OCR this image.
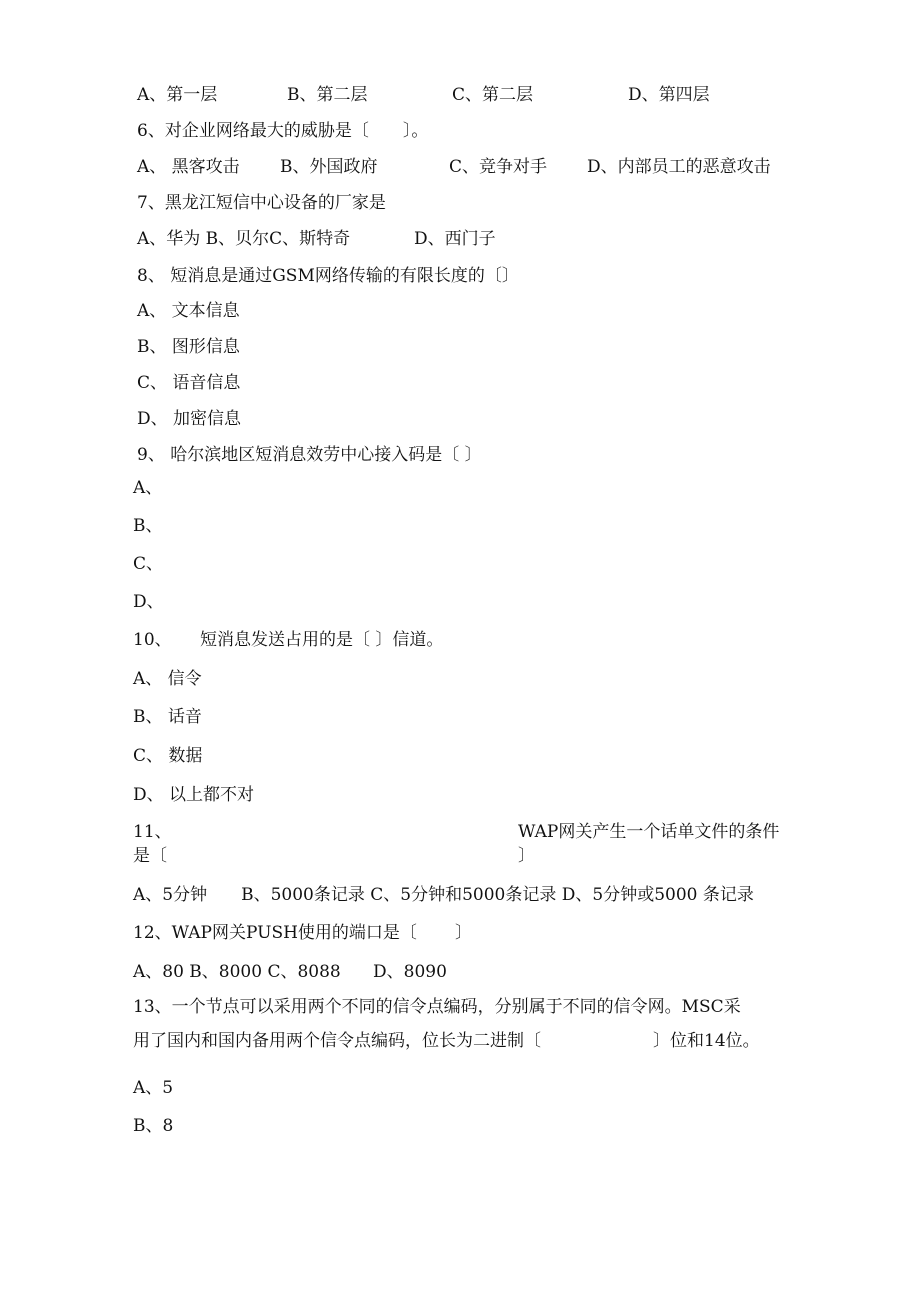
A、第一层	B、第二层	C、第二层	D、第四层
6、对企业网络最大的威胁是〔　　〕。
A、 黑客攻击 B、外国政府	C、竞争对手 D、内部员工的恶意攻击
7、黑龙江短信中心设备的厂家是
A、华为 B、贝尔C、斯特奇	D、西门子
8、 短消息是通过GSM网络传输的有限长度的〔〕
A、 文本信息
B、 图形信息
C、 语音信息
D、 加密信息
9、 哈尔滨地区短消息效劳中心接入码是〔 〕
A、
B、
C、
D、
10、 短消息发送占用的是〔 〕信道。
A、 信令
B、 话音
C、 数据
D、 以上都不对
11、	WAP网关产生一个话单文件的条件
是〔	〕
A、5分钟　　B、5000条记录 C、5分钟和5000条记录 D、5分钟或5000 条记录
12、WAP网关PUSH使用的端口是〔 〕
A、80 B、8000 C、8088 D、8090
13、一个节点可以采用两个不同的信令点编码，分别属于不同的信令网。MSC采
用了国内和国内备用两个信令点编码，位长为二进制〔	〕位和14位。
A、5
B、8
